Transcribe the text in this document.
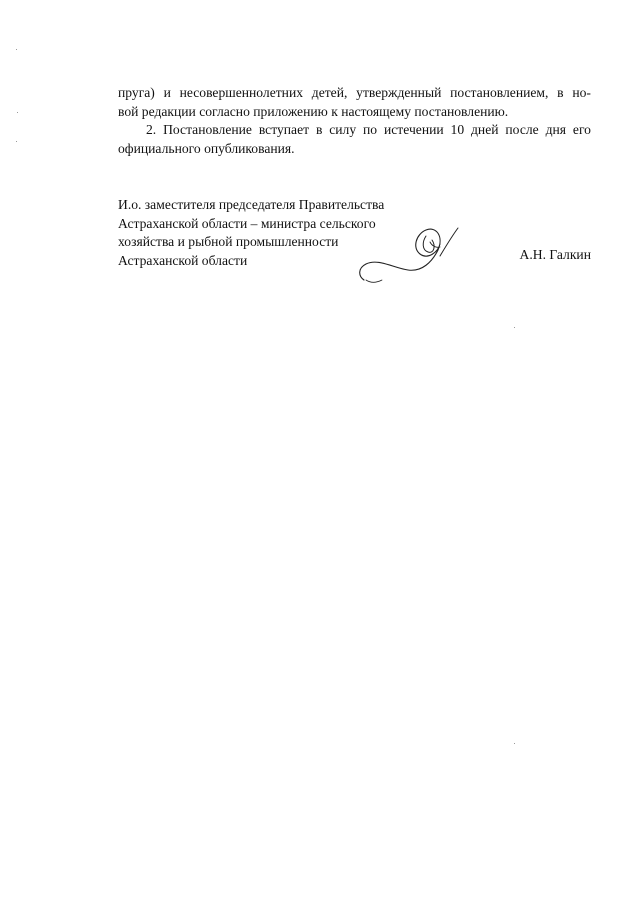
пруга) и несовершеннолетних детей, утвержденный постановлением, в но-
вой редакции согласно приложению к настоящему постановлению.
2. Постановление вступает в силу по истечении 10 дней после дня его
официального опубликования.
И.о. заместителя председателя Правительства
Астраханской области – министра сельского
хозяйства и рыбной промышленности
Астраханской области	А.Н. Галкин
